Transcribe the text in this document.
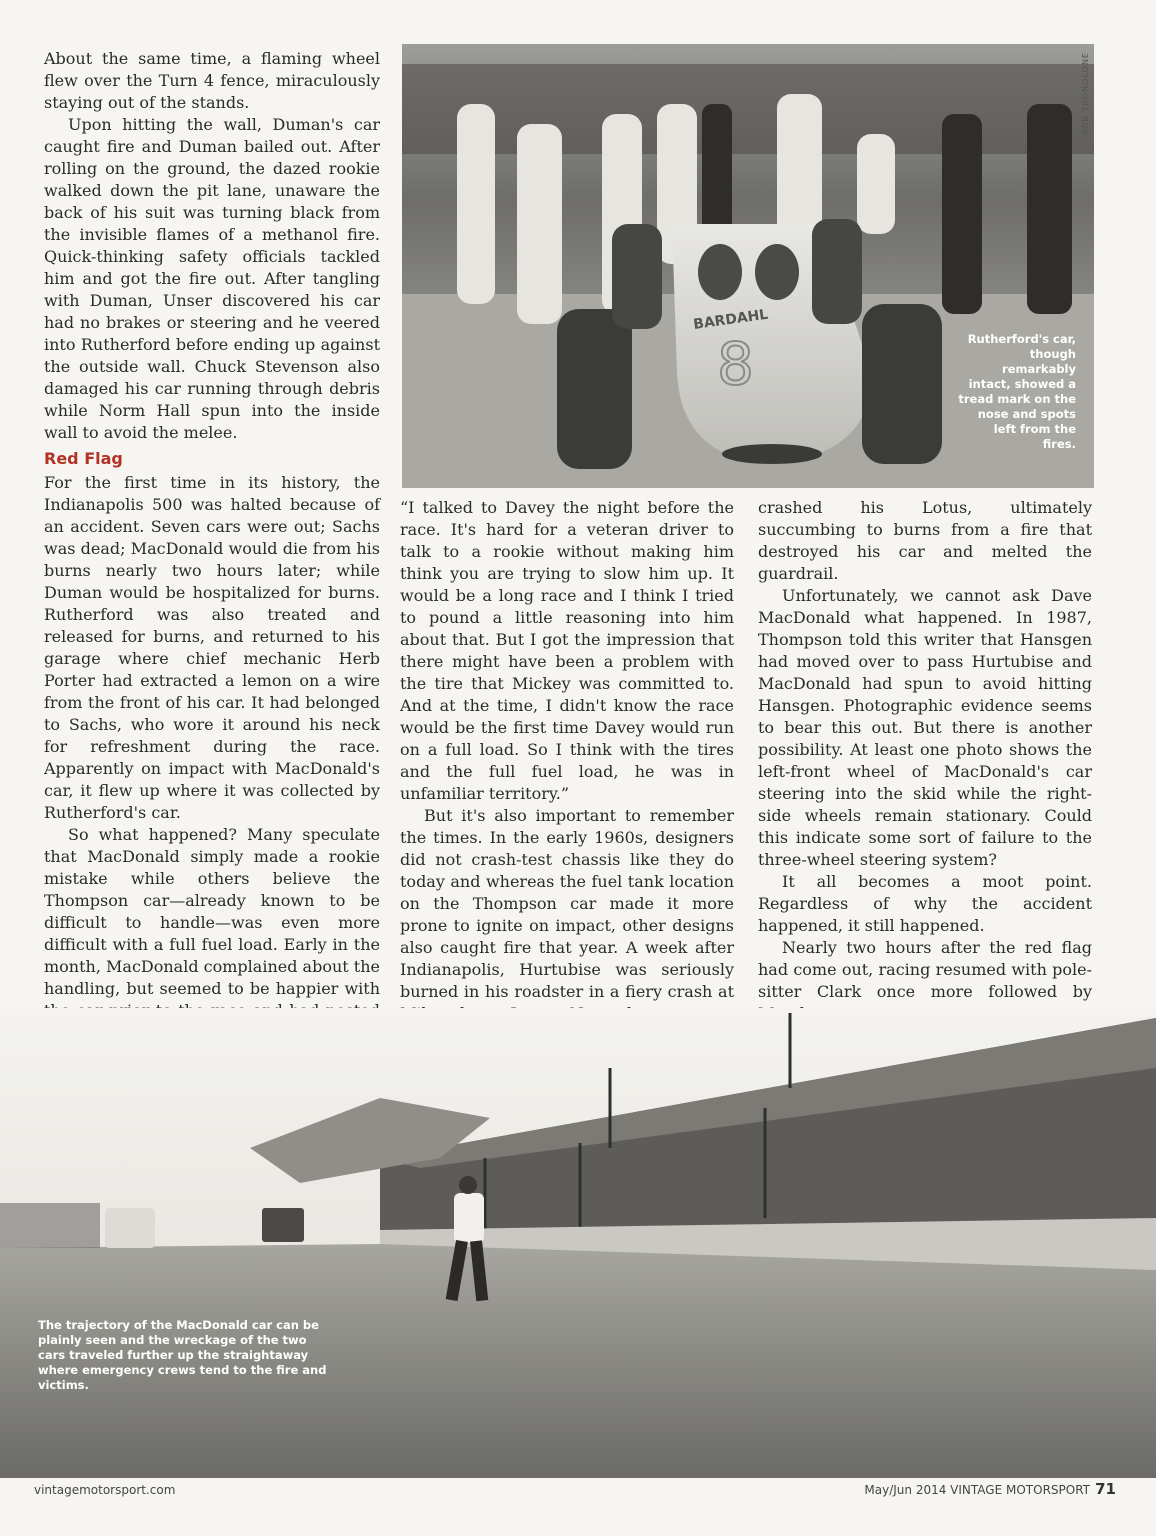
About the same time, a flaming wheel flew over the Turn 4 fence, miraculously staying out of the stands.

Upon hitting the wall, Duman's car caught fire and Duman bailed out. After rolling on the ground, the dazed rookie walked down the pit lane, unaware the back of his suit was turning black from the invisible flames of a methanol fire. Quick-thinking safety officials tackled him and got the fire out. After tangling with Duman, Unser discovered his car had no brakes or steering and he veered into Rutherford before ending up against the outside wall. Chuck Stevenson also damaged his car running through debris while Norm Hall spun into the inside wall to avoid the melee.

Red Flag

For the first time in its history, the Indianapolis 500 was halted because of an accident. Seven cars were out; Sachs was dead; MacDonald would die from his burns nearly two hours later; while Duman would be hospitalized for burns. Rutherford was also treated and released for burns, and returned to his garage where chief mechanic Herb Porter had extracted a lemon on a wire from the front of his car. It had belonged to Sachs, who wore it around his neck for refreshment during the race. Apparently on impact with MacDonald's car, it flew up where it was collected by Rutherford's car.

So what happened? Many speculate that MacDonald simply made a rookie mistake while others believe the Thompson car—already known to be difficult to handle—was even more difficult with a full fuel load. Early in the month, MacDonald complained about the handling, but seemed to be happier with

“I talked to Davey the night before the race. It's hard for a veteran driver to talk to a rookie without making him think you are trying to slow him up. It would be a long race and I think I tried to pound a little reasoning into him about that. But I got the impression that there might have been a problem with the tire that Mickey was committed to. And at the time, I didn't know the race would be the first time Davey would run on a full load. So I think with the tires and the full fuel load, he was in unfamiliar territory.”

But it's also important to remember the times. In the early 1960s, designers did not crash-test chassis like they do today and whereas the fuel tank location on the Thompson car made it more prone to ignite on impact, other designs also caught fire that year. A week after Indianapolis, Hurtubise was seriously burned in his roadster in a fiery crash at

crashed his Lotus, ultimately succumbing to burns from a fire that destroyed his car and melted the guardrail.

Unfortunately, we cannot ask Dave MacDonald what happened. In 1987, Thompson told this writer that Hansgen had moved over to pass Hurtubise and MacDonald had spun to avoid hitting Hansgen. Photographic evidence seems to bear this out. But there is another possibility. At least one photo shows the left-front wheel of MacDonald's car steering into the skid while the right-side wheels remain stationary. Could this indicate some sort of failure to the three-wheel steering system?

It all becomes a moot point. Regardless of why the accident happened, it still happened.

Nearly two hours after the red flag had come out, racing resumed with pole-sitter Clark once more followed by

8
BARDAHL
BOB TRONOLONE
Rutherford's car, though remarkably intact, showed a tread mark on the nose and spots left from the fires.
The trajectory of the MacDonald car can be plainly seen and the wreckage of the two cars traveled further up the straightaway where emergency crews tend to the fire and victims.
vintagemotorsport.com	May/Jun 2014 VINTAGE MOTORSPORT 71
